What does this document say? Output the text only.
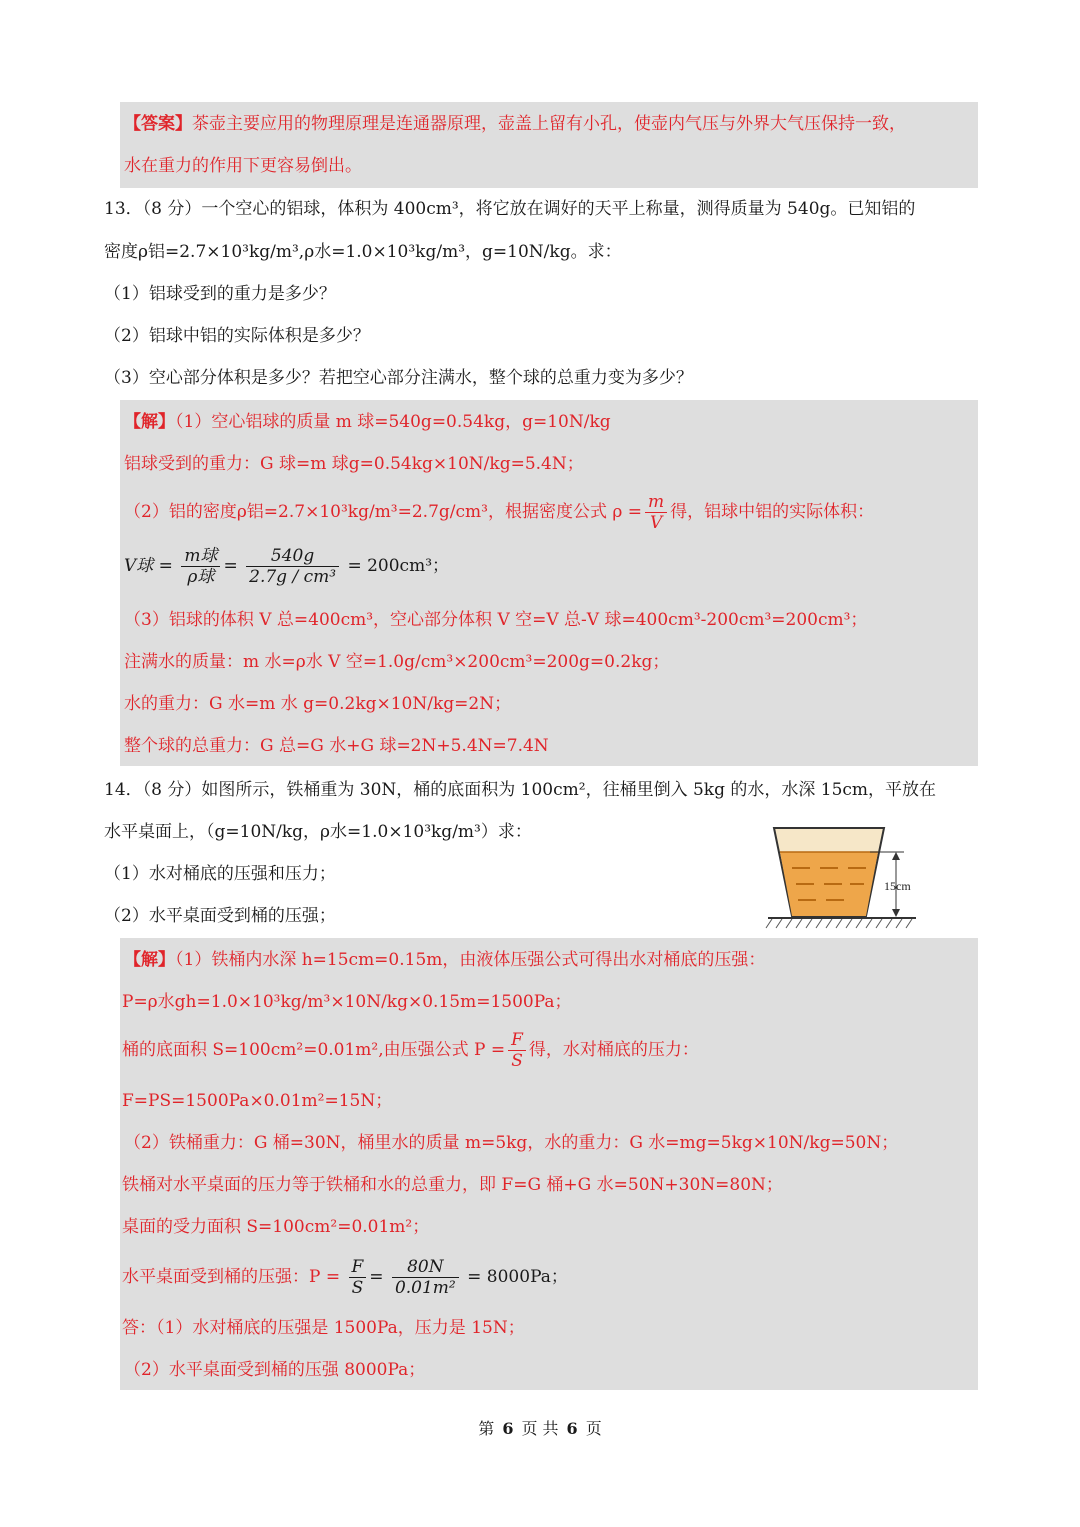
【答案】茶壶主要应用的物理原理是连通器原理，壶盖上留有小孔，使壶内气压与外界大气压保持一致，
水在重力的作用下更容易倒出。
13．（8 分）一个空心的铝球，体积为 400cm³，将它放在调好的天平上称量，测得质量为 540g。已知铝的
密度ρ铝=2.7×10³kg/m³,ρ水=1.0×10³kg/m³，g=10N/kg。求：
（1）铝球受到的重力是多少？
（2）铝球中铝的实际体积是多少？
（3）空心部分体积是多少？若把空心部分注满水，整个球的总重力变为多少？
【解】（1）空心铝球的质量 m 球=540g=0.54kg，g=10N/kg
铝球受到的重力：G 球=m 球g=0.54kg×10N/kg=5.4N；
（2）铝的密度ρ铝=2.7×10³kg/m³=2.7g/cm³，根据密度公式 $\rho = \frac{m}{V}$ 得，铝球中铝的实际体积：
V球 = $\frac{\text{m球}}{\text{ρ球}} = \frac{540g}{\text{2.7g / cm³}} = 200cm^3$；
（3）铝球的体积 V 总=400cm³，空心部分体积 V 空=V 总-V 球=400cm³-200cm³=200cm³；
注满水的质量：m 水=ρ水 V 空=1.0g/cm³×200cm³=200g=0.2kg；
水的重力：G 水=m 水 g=0.2kg×10N/kg=2N；
整个球的总重力：G 总=G 水+G 球=2N+5.4N=7.4N
14．（8 分）如图所示，铁桶重为 30N，桶的底面积为 100cm²，往桶里倒入 5kg 的水，水深 15cm，平放在
水平桌面上，（g=10N/kg，ρ水=1.0×10³kg/m³）求：
（1）水对桶底的压强和压力；
（2）水平桌面受到桶的压强；
15cm
【解】（1）铁桶内水深 h=15cm=0.15m，由液体压强公式可得出水对桶底的压强：
P=ρ水gh=1.0×10³kg/m³×10N/kg×0.15m=1500Pa；
桶的底面积 S=100cm²=0.01m²,由压强公式 $P = \frac{F}{S}$ 得，水对桶底的压力：
F=PS=1500Pa×0.01m²=15N；
（2）铁桶重力：G 桶=30N，桶里水的质量 m=5kg，水的重力：G 水=mg=5kg×10N/kg=50N；
铁桶对水平桌面的压力等于铁桶和水的总重力，即 F=G 桶+G 水=50N+30N=80N；
桌面的受力面积 S=100cm²=0.01m²；
水平桌面受到桶的压强：$P = \frac{F}{S} = \frac{80N}{\text{0.01m²}} = 8000Pa$；
答：（1）水对桶底的压强是 1500Pa，压力是 15N；
（2）水平桌面受到桶的压强 8000Pa；
第 6 页 共 6 页
